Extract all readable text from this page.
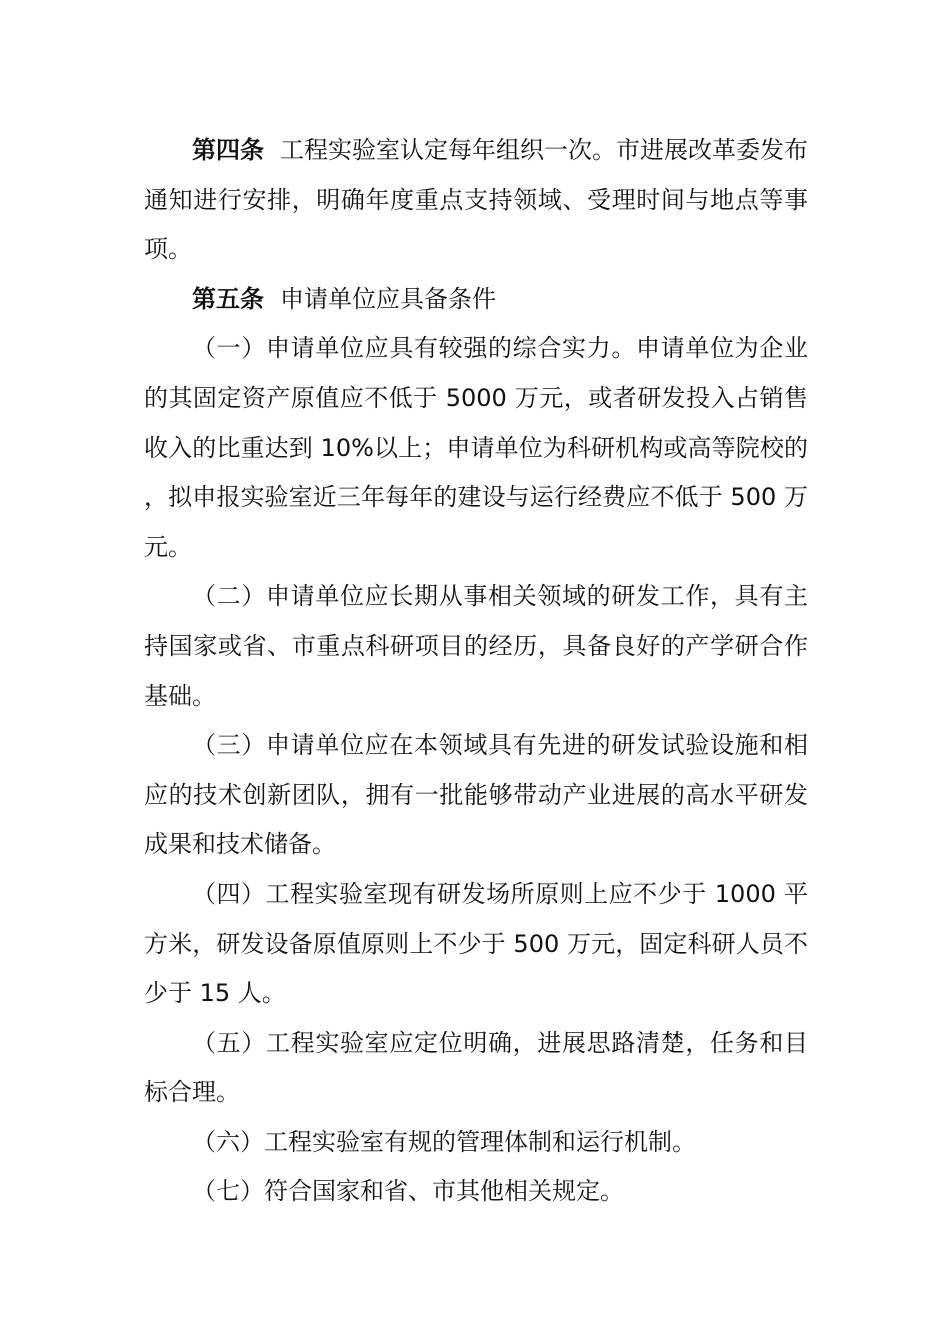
第四条 工程实验室认定每年组织一次。市进展改革委发布通知进行安排，明确年度重点支持领域、受理时间与地点等事项。

第五条 申请单位应具备条件

（一）申请单位应具有较强的综合实力。申请单位为企业的其固定资产原值应不低于 5000 万元，或者研发投入占销售收入的比重达到 10%以上；申请单位为科研机构或高等院校的，拟申报实验室近三年每年的建设与运行经费应不低于 500 万元。

（二）申请单位应长期从事相关领域的研发工作，具有主持国家或省、市重点科研项目的经历，具备良好的产学研合作基础。

（三）申请单位应在本领域具有先进的研发试验设施和相应的技术创新团队，拥有一批能够带动产业进展的高水平研发成果和技术储备。

（四）工程实验室现有研发场所原则上应不少于 1000 平方米，研发设备原值原则上不少于 500 万元，固定科研人员不少于 15 人。

（五）工程实验室应定位明确，进展思路清楚，任务和目标合理。

（六）工程实验室有规的管理体制和运行机制。

（七）符合国家和省、市其他相关规定。
